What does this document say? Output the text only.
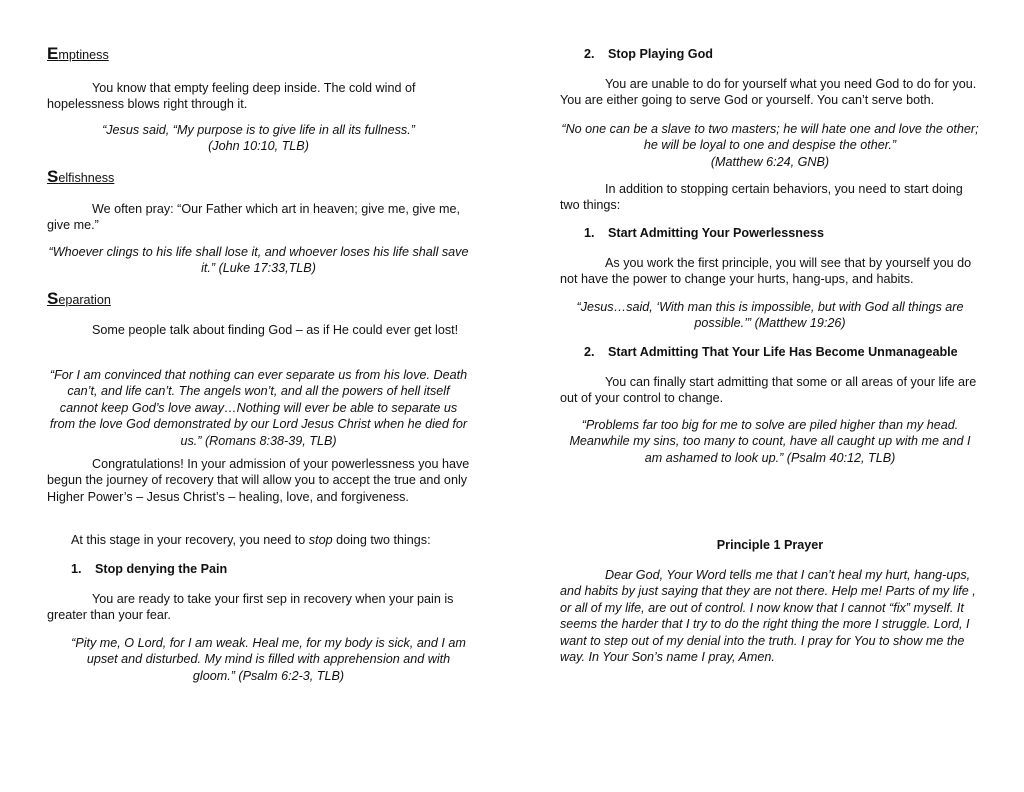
Emptiness
You know that empty feeling deep inside. The cold wind of hopelessness blows right through it.
“Jesus said, “My purpose is to give life in all its fullness.”
(John 10:10, TLB)
Selfishness
We often pray: “Our Father which art in heaven; give me, give me, give me.”
“Whoever clings to his life shall lose it, and whoever loses his life shall save it.” (Luke 17:33,TLB)
Separation
Some people talk about finding God – as if He could ever get lost!
“For I am convinced that nothing can ever separate us from his love. Death can’t, and life can’t. The angels won’t, and all the powers of hell itself cannot keep God’s love away…Nothing will ever be able to separate us from the love God demonstrated by our Lord Jesus Christ when he died for us.” (Romans 8:38-39, TLB)
Congratulations! In your admission of your powerlessness you have begun the journey of recovery that will allow you to accept the true and only Higher Power’s – Jesus Christ’s – healing, love, and forgiveness.
At this stage in your recovery, you need to stop doing two things:
1. Stop denying the Pain
You are ready to take your first sep in recovery when your pain is greater than your fear.
“Pity me, O Lord, for I am weak. Heal me, for my body is sick, and I am upset and disturbed. My mind is filled with apprehension and with gloom.” (Psalm 6:2-3, TLB)
2. Stop Playing God
You are unable to do for yourself what you need God to do for you. You are either going to serve God or yourself. You can’t serve both.
“No one can be a slave to two masters; he will hate one and love the other; he will be loyal to one and despise the other.”
(Matthew 6:24, GNB)
In addition to stopping certain behaviors, you need to start doing two things:
1. Start Admitting Your Powerlessness
As you work the first principle, you will see that by yourself you do not have the power to change your hurts, hang-ups, and habits.
“Jesus…said, ‘With man this is impossible, but with God all things are possible.’” (Matthew 19:26)
2. Start Admitting That Your Life Has Become Unmanageable
You can finally start admitting that some or all areas of your life are out of your control to change.
“Problems far too big for me to solve are piled higher than my head. Meanwhile my sins, too many to count, have all caught up with me and I am ashamed to look up.” (Psalm 40:12, TLB)
Principle 1 Prayer
Dear God, Your Word tells me that I can’t heal my hurt, hang-ups, and habits by just saying that they are not there. Help me! Parts of my life , or all of my life, are out of control. I now know that I cannot “fix” myself. It seems the harder that I try to do the right thing the more I struggle. Lord, I want to step out of my denial into the truth. I pray for You to show me the way. In Your Son’s name I pray, Amen.
